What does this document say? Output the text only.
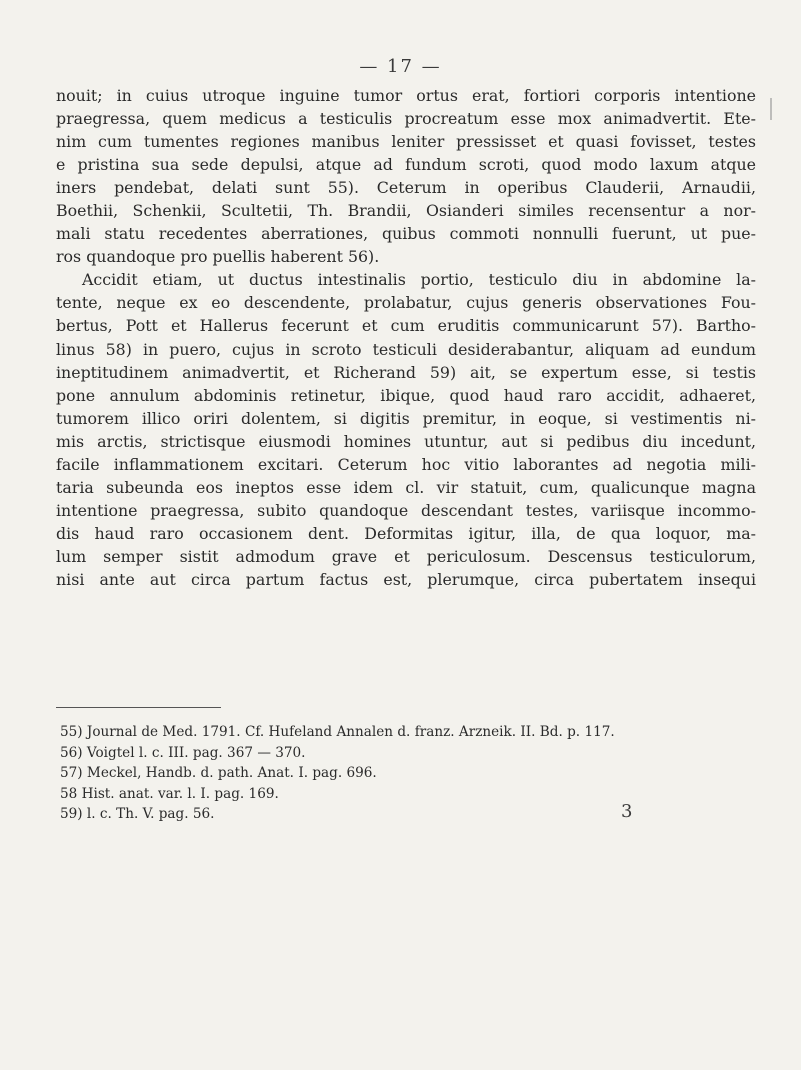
— 17 —
nouit; in cuius utroque inguine tumor ortus erat, fortiori corporis intentione
praegressa, quem medicus a testiculis procreatum esse mox animadvertit. Ete-
nim cum tumentes regiones manibus leniter pressisset et quasi fovisset, testes
e pristina sua sede depulsi, atque ad fundum scroti, quod modo laxum atque
iners pendebat, delati sunt 55). Ceterum in operibus Clauderii, Arnaudii,
Boethii, Schenkii, Scultetii, Th. Brandii, Osianderi similes recensentur a nor-
mali statu recedentes aberrationes, quibus commoti nonnulli fuerunt, ut pue-
ros quandoque pro puellis haberent 56).
Accidit etiam, ut ductus intestinalis portio, testiculo diu in abdomine la-
tente, neque ex eo descendente, prolabatur, cujus generis observationes Fou-
bertus, Pott et Hallerus fecerunt et cum eruditis communicarunt 57). Bartho-
linus 58) in puero, cujus in scroto testiculi desiderabantur, aliquam ad eundum
ineptitudinem animadvertit, et Richerand 59) ait, se expertum esse, si testis
pone annulum abdominis retinetur, ibique, quod haud raro accidit, adhaeret,
tumorem illico oriri dolentem, si digitis premitur, in eoque, si vestimentis ni-
mis arctis, strictisque eiusmodi homines utuntur, aut si pedibus diu incedunt,
facile inflammationem excitari. Ceterum hoc vitio laborantes ad negotia mili-
taria subeunda eos ineptos esse idem cl. vir statuit, cum, qualicunque magna
intentione praegressa, subito quandoque descendant testes, variisque incommo-
dis haud raro occasionem dent. Deformitas igitur, illa, de qua loquor, ma-
lum semper sistit admodum grave et periculosum. Descensus testiculorum,
nisi ante aut circa partum factus est, plerumque, circa pubertatem insequi
55) Journal de Med. 1791. Cf. Hufeland Annalen d. franz. Arzneik. II. Bd. p. 117.
56) Voigtel l. c. III. pag. 367 — 370.
57) Meckel, Handb. d. path. Anat. I. pag. 696.
58 Hist. anat. var. l. I. pag. 169.
59) l. c. Th. V. pag. 56.	3
